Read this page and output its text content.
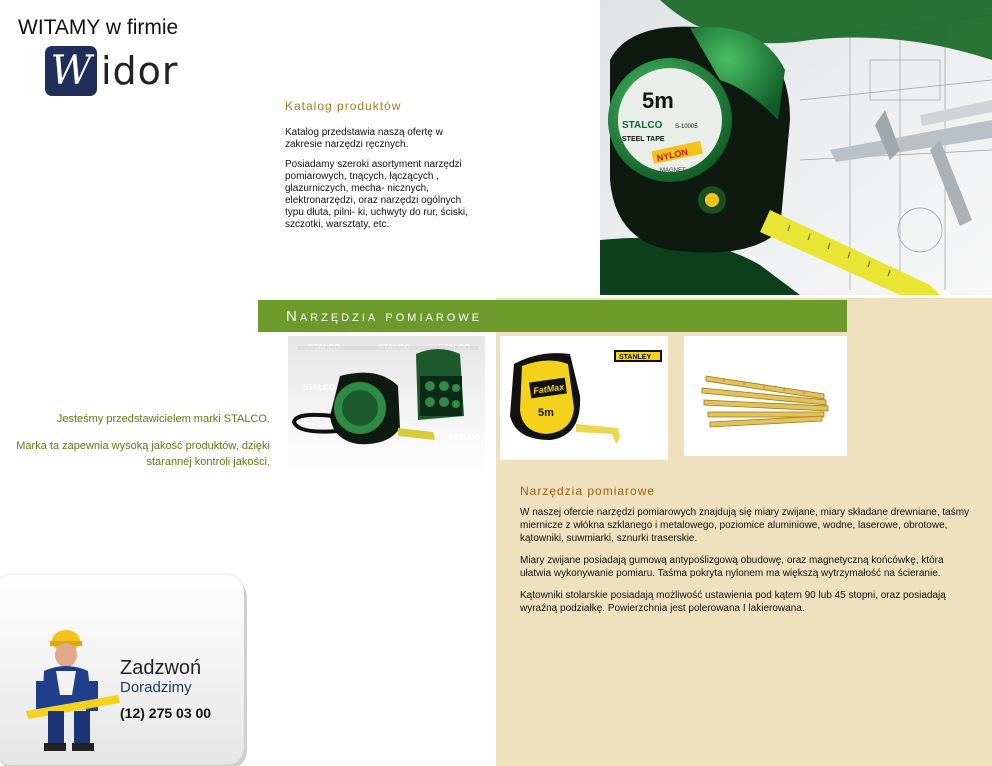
WITAMY w firmie
W idor
Katalog produktów

Katalog przedstawia naszą ofertę w zakresie narzędzi ręcznych.

Posiadamy szeroki asortyment narzędzi pomiarowych, tnących, łączących , glazurniczych, mecha- nicznych, elektronarzędzi, oraz narzędzi ogólnych typu dłuta, pilni- ki, uchwyty do rur, ściski, szczotki, warsztaty, etc.

5m
STALCO S-10005
STEEL TAPE
NYLON
MAGNET
Narzędzia pomiarowe

Jesteśmy przedstawicielem marki STALCO.

Marka ta zapewnia wysoką jakość produktów, dzięki starannej kontroli jakości.

STALCO
STALCO	STALCO
STANLEY
FatMax
5m
Narzędzia pomiarowe

W naszej ofercie narzędzi pomiarowych znajdują się miary zwijane, miary składane drewniane, taśmy miernicze z włókna szklanego i metalowego, poziomice aluminiowe, wodne, laserowe, obrotowe, kątowniki, suwmiarki, sznurki traserskie.

Miary zwijane posiadają gumową antypoślizgową obudowę, oraz magnetyczną końcówkę, która ułatwia wykonywanie pomiaru. Taśma pokryta nylonem ma większą wytrzymałość na ścieranie.

Kątowniki stolarskie posiadają możliwość ustawienia pod kątem 90 lub 45 stopni, oraz posiadają wyraźną podziałkę. Powierzchnia jest polerowana I lakierowana.

Zadzwoń
Doradzimy
(12) 275 03 00
